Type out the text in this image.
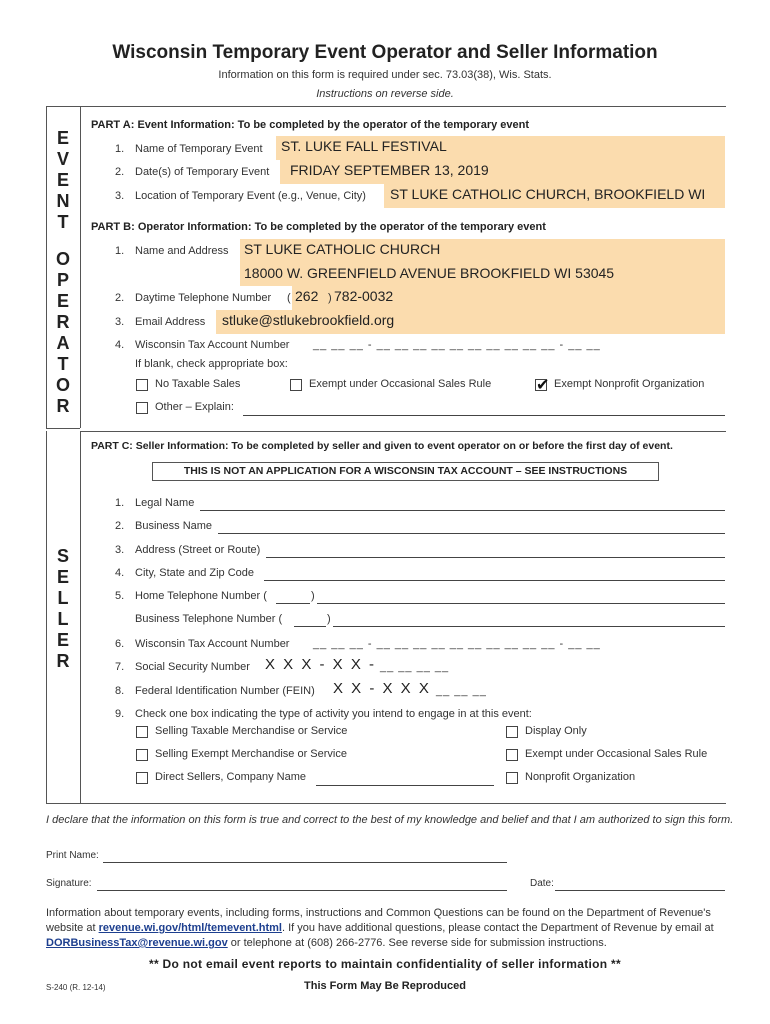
Wisconsin Temporary Event Operator and Seller Information
Information on this form is required under sec. 73.03(38), Wis. Stats.
Instructions on reverse side.
E
V
E
N
T
O
P
E
R
A
T
O
R
S
E
L
L
E
R
PART A: Event Information: To be completed by the operator of the temporary event
1. Name of Temporary Event ST. LUKE FALL FESTIVAL
2. Date(s) of Temporary Event FRIDAY SEPTEMBER 13, 2019
3. Location of Temporary Event (e.g., Venue, City) ST LUKE CATHOLIC CHURCH, BROOKFIELD WI
PART B: Operator Information: To be completed by the operator of the temporary event
1. Name and Address ST LUKE CATHOLIC CHURCH
18000 W. GREENFIELD AVENUE BROOKFIELD WI 53045
2. Daytime Telephone Number ( 262 ) 782-0032
3. Email Address stluke@stlukebrookfield.org
4. Wisconsin Tax Account Number __ __ __ - __ __ __ __ __ __ __ __ __ __ - __ __
If blank, check appropriate box:
No Taxable Sales	Exempt under Occasional Sales Rule	✔ Exempt Nonprofit Organization
Other – Explain:
PART C: Seller Information: To be completed by seller and given to event operator on or before the first day of event.
THIS IS NOT AN APPLICATION FOR A WISCONSIN TAX ACCOUNT – SEE INSTRUCTIONS
1. Legal Name
2. Business Name
3. Address (Street or Route)
4. City, State and Zip Code
5. Home Telephone Number (	)
Business Telephone Number (	)
6. Wisconsin Tax Account Number __ __ __ - __ __ __ __ __ __ __ __ __ __ - __ __
7. Social Security Number X X X - X X - __ __ __ __
8. Federal Identification Number (FEIN) X X - X X X __ __ __
9. Check one box indicating the type of activity you intend to engage in at this event:
Selling Taxable Merchandise or Service	Display Only
Selling Exempt Merchandise or Service	Exempt under Occasional Sales Rule
Direct Sellers, Company Name	Nonprofit Organization
I declare that the information on this form is true and correct to the best of my knowledge and belief and that I am authorized to sign this form.
Print Name:
Signature:	Date:
Information about temporary events, including forms, instructions and Common Questions can be found on the Department of Revenue's website at revenue.wi.gov/html/temevent.html. If you have additional questions, please contact the Department of Revenue by email at DORBusinessTax@revenue.wi.gov or telephone at (608) 266-2776. See reverse side for submission instructions.
** Do not email event reports to maintain confidentiality of seller information **
S-240 (R. 12-14)	This Form May Be Reproduced
